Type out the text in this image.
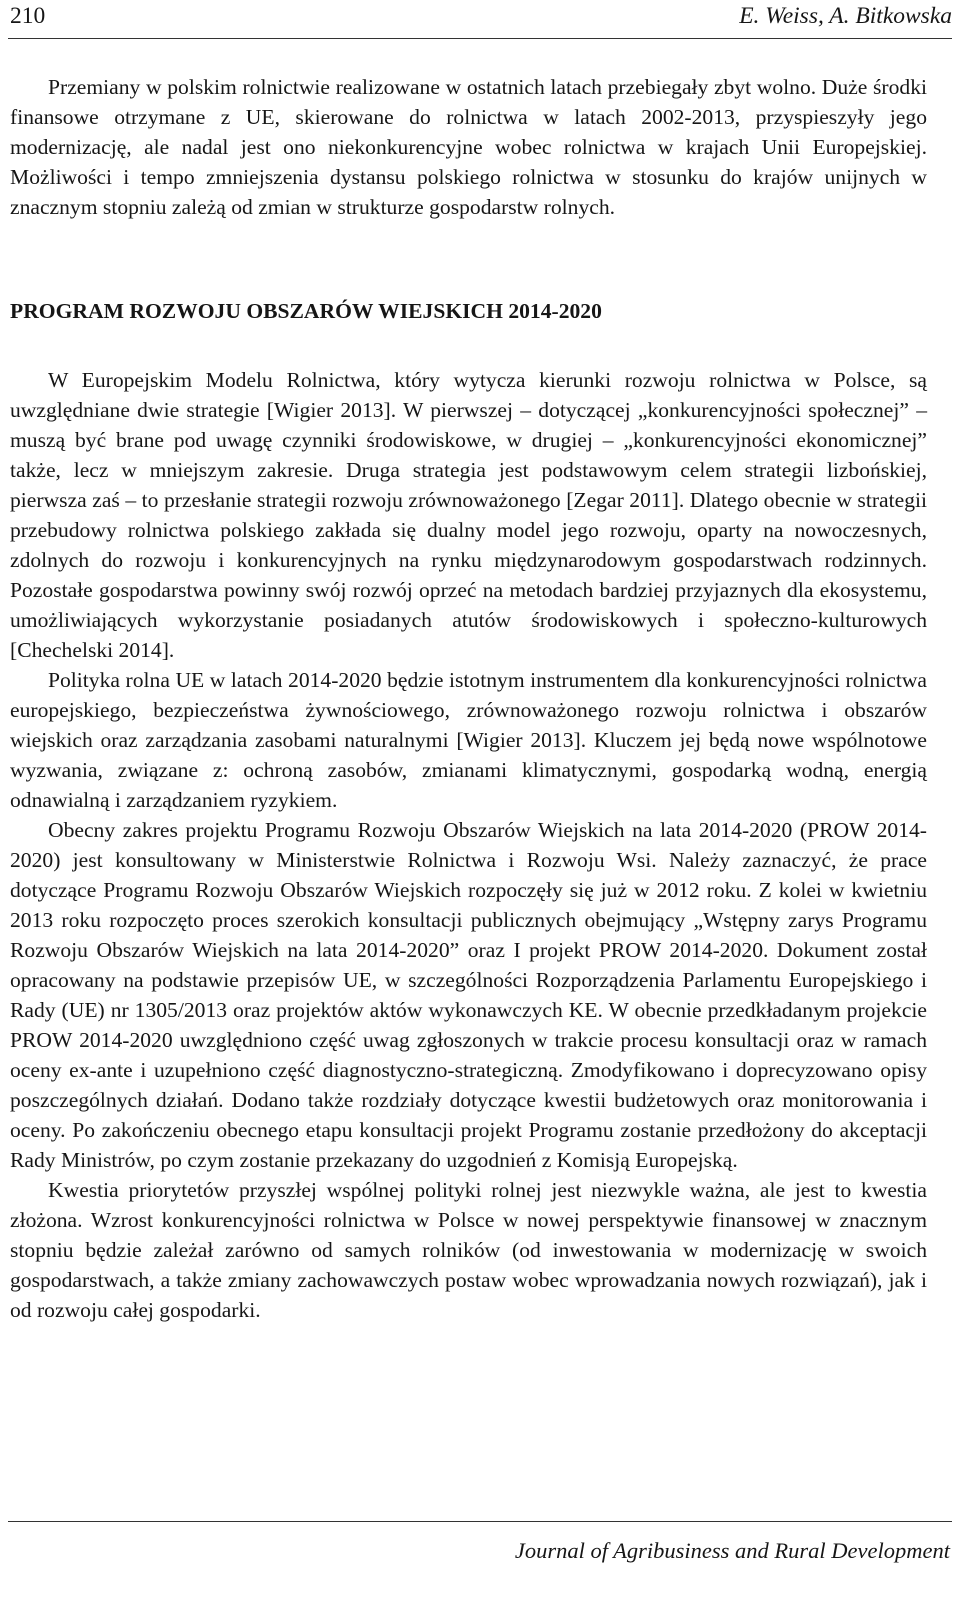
210	E. Weiss, A. Bitkowska

Przemiany w polskim rolnictwie realizowane w ostatnich latach przebiegały zbyt wolno. Duże środki finansowe otrzymane z UE, skierowane do rolnictwa w latach 2002-2013, przyspieszyły jego modernizację, ale nadal jest ono niekonkurencyjne wobec rolnictwa w krajach Unii Europejskiej. Możliwości i tempo zmniejszenia dystansu polskiego rolnictwa w stosunku do krajów unijnych w znacznym stopniu zależą od zmian w strukturze gospodarstw rolnych.

PROGRAM ROZWOJU OBSZARÓW WIEJSKICH 2014-2020

W Europejskim Modelu Rolnictwa, który wytycza kierunki rozwoju rolnictwa w Polsce, są uwzględniane dwie strategie [Wigier 2013]. W pierwszej – dotyczącej „konkurencyjności społecznej” – muszą być brane pod uwagę czynniki środowiskowe, w drugiej – „konkurencyjności ekonomicznej” także, lecz w mniejszym zakresie. Druga strategia jest podstawowym celem strategii lizbońskiej, pierwsza zaś – to przesłanie strategii rozwoju zrównoważonego [Zegar 2011]. Dlatego obecnie w strategii przebudowy rolnictwa polskiego zakłada się dualny model jego rozwoju, oparty na nowoczesnych, zdolnych do rozwoju i konkurencyjnych na rynku międzynarodowym gospodarstwach rodzinnych. Pozostałe gospodarstwa powinny swój rozwój oprzeć na metodach bardziej przyjaznych dla ekosystemu, umożliwiających wykorzystanie posiadanych atutów środowiskowych i społeczno-kulturowych [Chechelski 2014].

Polityka rolna UE w latach 2014-2020 będzie istotnym instrumentem dla konkurencyjności rolnictwa europejskiego, bezpieczeństwa żywnościowego, zrównoważonego rozwoju rolnictwa i obszarów wiejskich oraz zarządzania zasobami naturalnymi [Wigier 2013]. Kluczem jej będą nowe wspólnotowe wyzwania, związane z: ochroną zasobów, zmianami klimatycznymi, gospodarką wodną, energią odnawialną i zarządzaniem ryzykiem.

Obecny zakres projektu Programu Rozwoju Obszarów Wiejskich na lata 2014-2020 (PROW 2014-2020) jest konsultowany w Ministerstwie Rolnictwa i Rozwoju Wsi. Należy zaznaczyć, że prace dotyczące Programu Rozwoju Obszarów Wiejskich rozpoczęły się już w 2012 roku. Z kolei w kwietniu 2013 roku rozpoczęto proces szerokich konsultacji publicznych obejmujący „Wstępny zarys Programu Rozwoju Obszarów Wiejskich na lata 2014-2020” oraz I projekt PROW 2014-2020. Dokument został opracowany na podstawie przepisów UE, w szczególności Rozporządzenia Parlamentu Europejskiego i Rady (UE) nr 1305/2013 oraz projektów aktów wykonawczych KE. W obecnie przedkładanym projekcie PROW 2014-2020 uwzględniono część uwag zgłoszonych w trakcie procesu konsultacji oraz w ramach oceny ex-ante i uzupełniono część diagnostyczno-strategiczną. Zmodyfikowano i doprecyzowano opisy poszczególnych działań. Dodano także rozdziały dotyczące kwestii budżetowych oraz monitorowania i oceny. Po zakończeniu obecnego etapu konsultacji projekt Programu zostanie przedłożony do akceptacji Rady Ministrów, po czym zostanie przekazany do uzgodnień z Komisją Europejską.

Kwestia priorytetów przyszłej wspólnej polityki rolnej jest niezwykle ważna, ale jest to kwestia złożona. Wzrost konkurencyjności rolnictwa w Polsce w nowej perspektywie finansowej w znacznym stopniu będzie zależał zarówno od samych rolników (od inwestowania w modernizację w swoich gospodarstwach, a także zmiany zachowawczych postaw wobec wprowadzania nowych rozwiązań), jak i od rozwoju całej gospodarki.

Journal of Agribusiness and Rural Development
